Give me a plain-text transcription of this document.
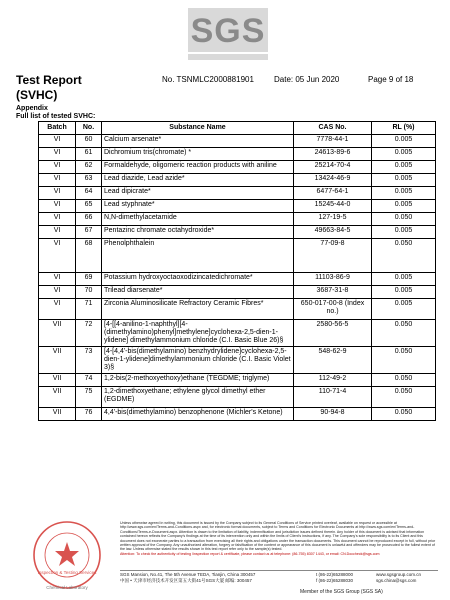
SGS
Test Report
(SVHC)
No. TSNMLC2000881901	Date: 05 Jun 2020	Page 9 of 18
Appendix
Full list of tested SVHC:
Batch	No.	Substance Name	CAS No.	RL (%)
VI	60	Calcium arsenate*	7778-44-1	0.005
VI	61	Dichromium tris(chromate) *	24613-89-6	0.005
VI	62	Formaldehyde, oligomeric reaction products with aniline	25214-70-4	0.005
VI	63	Lead diazide, Lead azide*	13424-46-9	0.005
VI	64	Lead dipicrate*	6477-64-1	0.005
VI	65	Lead styphnate*	15245-44-0	0.005
VI	66	N,N-dimethylacetamide	127-19-5	0.050
VI	67	Pentazinc chromate octahydroxide*	49663-84-5	0.005
VI	68	Phenolphthalein	77-09-8	0.050
VI	69	Potassium hydroxyoctaoxodizincatedichromate*	11103-86-9	0.005
VI	70	Trilead diarsenate*	3687-31-8	0.005
VI	71	Zirconia Aluminosilicate Refractory Ceramic Fibres*	650-017-00-8 (Index no.)	0.005
VII	72	[4-[[4-anilino-1-naphthyl][4-(dimethylamino)phenyl]methylene]cyclohexa-2,5-dien-1-ylidene] dimethylammonium chloride (C.I. Basic Blue 26)§	2580-56-5	0.050
VII	73	[4-[4,4'-bis(dimethylamino) benzhydrylidene]cyclohexa-2,5-dien-1-ylidene]dimethylammonium chloride (C.I. Basic Violet 3)§	548-62-9	0.050
VII	74	1,2-bis(2-methoxyethoxy)ethane (TEGDME; triglyme)	112-49-2	0.050
VII	75	1,2-dimethoxyethane; ethylene glycol dimethyl ether (EGDME)	110-71-4	0.050
VII	76	4,4'-bis(dimethylamino) benzophenone (Michler's Ketone)	90-94-8	0.050
Inspection & Testing Services
Chemical Laboratory
Unless otherwise agreed in writing, this document is issued by the Company subject to its General Conditions of Service printed overleaf, available on request or accessible at http://www.sgs.com/en/Terms-and-Conditions.aspx and, for electronic format documents, subject to Terms and Conditions for Electronic Documents at http://www.sgs.com/en/Terms-and-Conditions/Terms-e-Document.aspx. Attention is drawn to the limitation of liability, indemnification and jurisdiction issues defined therein. Any holder of this document is advised that information contained hereon reflects the Company's findings at the time of its intervention only and within the limits of Client's instructions, if any. The Company's sole responsibility is to its Client and this document does not exonerate parties to a transaction from exercising all their rights and obligations under the transaction documents. This document cannot be reproduced except in full, without prior written approval of the Company. Any unauthorized alteration, forgery or falsification of the content or appearance of this document is unlawful and offenders may be prosecuted to the fullest extent of the law. Unless otherwise stated the results shown in this test report refer only to the sample(s) tested.
Attention: To check the authenticity of testing /inspection report & certificate, please contact us at telephone: (86-755) 8307 1443, or email: CN.Doccheck@sgs.com
SGS Mansion, No.41, The 5th Avenue TEDA, Tianjin, China 300457	t (86-22)65288000	www.sgsgroup.com.cn
中国 • 天津市经济技术开发区第五大街41号SGS大厦 邮编: 300457	f (86-22)65288030	sgs.china@sgs.com
Member of the SGS Group (SGS SA)
